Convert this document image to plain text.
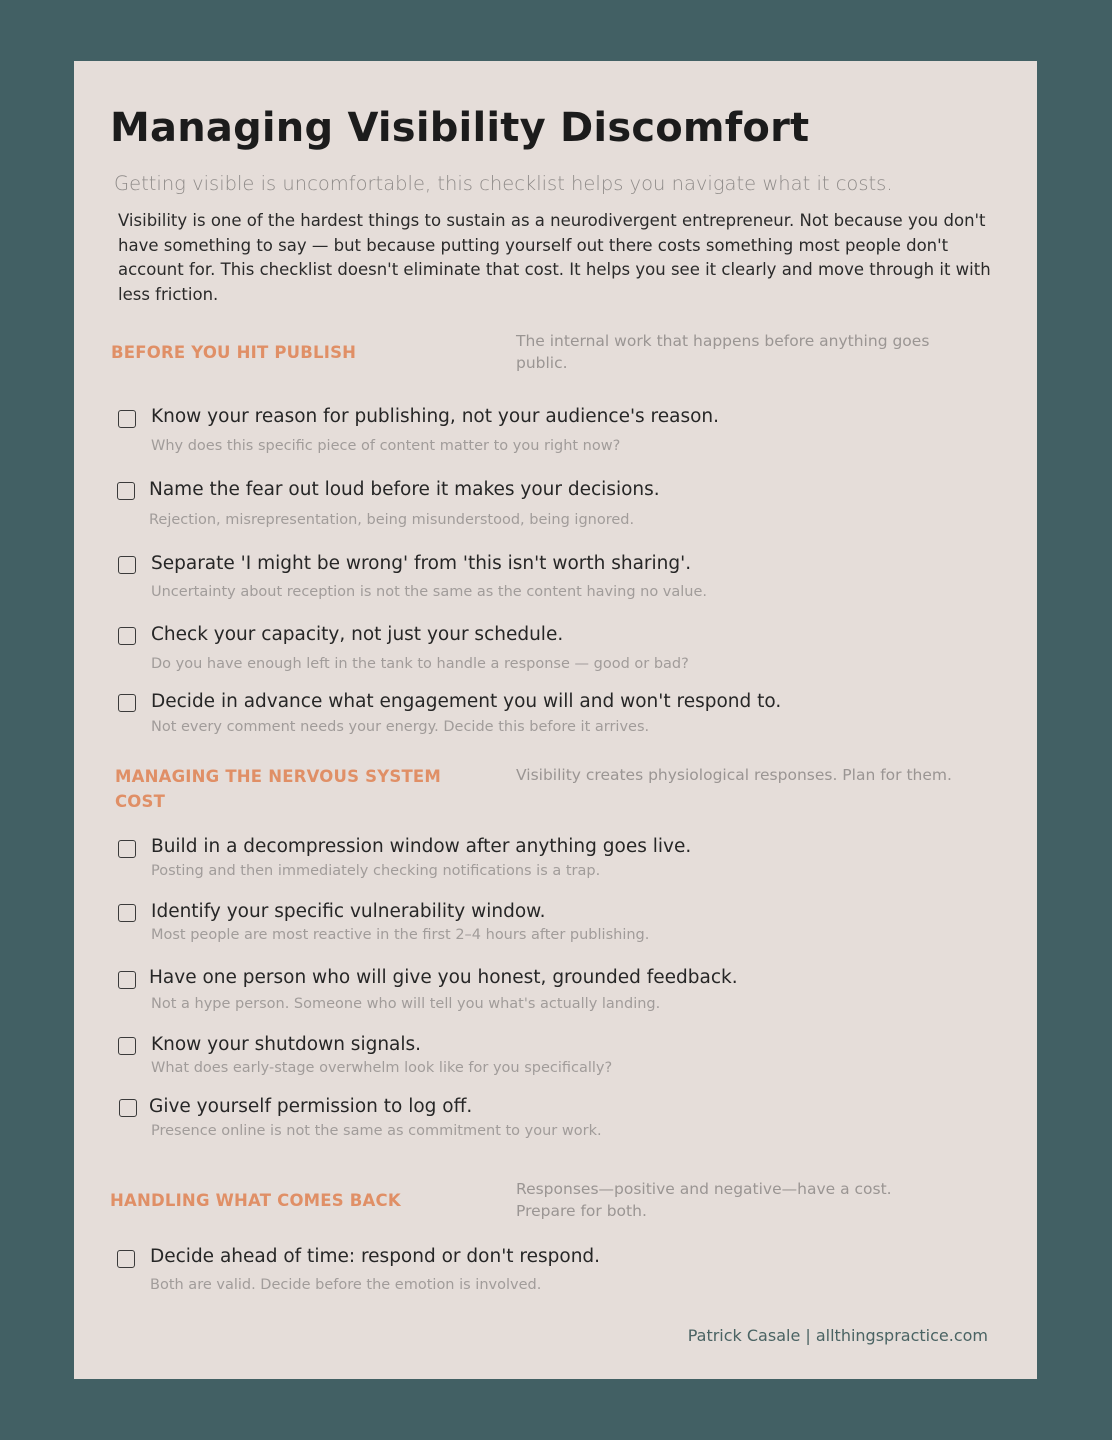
Managing Visibility Discomfort
Getting visible is uncomfortable, this checklist helps you navigate what it costs.
Visibility is one of the hardest things to sustain as a neurodivergent entrepreneur. Not because you don't have something to say — but because putting yourself out there costs something most people don't account for. This checklist doesn't eliminate that cost. It helps you see it clearly and move through it with less friction.
BEFORE YOU HIT PUBLISH
The internal work that happens before anything goes public.
Know your reason for publishing, not your audience's reason.
Why does this specific piece of content matter to you right now?
Name the fear out loud before it makes your decisions.
Rejection, misrepresentation, being misunderstood, being ignored.
Separate 'I might be wrong' from 'this isn't worth sharing'.
Uncertainty about reception is not the same as the content having no value.
Check your capacity, not just your schedule.
Do you have enough left in the tank to handle a response — good or bad?
Decide in advance what engagement you will and won't respond to.
Not every comment needs your energy. Decide this before it arrives.
MANAGING THE NERVOUS SYSTEM COST
Visibility creates physiological responses. Plan for them.
Build in a decompression window after anything goes live.
Posting and then immediately checking notifications is a trap.
Identify your specific vulnerability window.
Most people are most reactive in the first 2–4 hours after publishing.
Have one person who will give you honest, grounded feedback.
Not a hype person. Someone who will tell you what's actually landing.
Know your shutdown signals.
What does early-stage overwhelm look like for you specifically?
Give yourself permission to log off.
Presence online is not the same as commitment to your work.
HANDLING WHAT COMES BACK
Responses—positive and negative—have a cost. Prepare for both.
Decide ahead of time: respond or don't respond.
Both are valid. Decide before the emotion is involved.
Patrick Casale | allthingspractice.com
